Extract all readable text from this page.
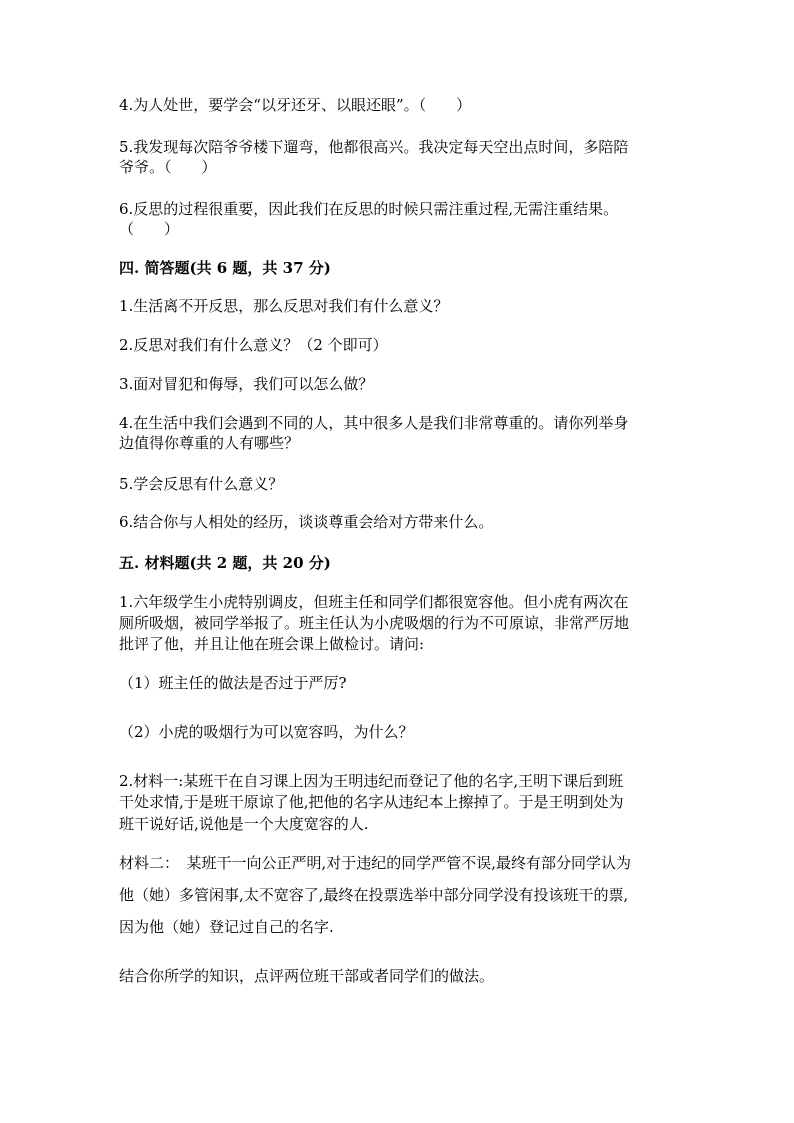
4.为人处世，要学会“以牙还牙、以眼还眼”。（　　）
5.我发现每次陪爷爷楼下遛弯，他都很高兴。我决定每天空出点时间，多陪陪
爷爷。（　　）
6.反思的过程很重要，因此我们在反思的时候只需注重过程,无需注重结果。
（　　）
四. 简答题(共 6 题，共 37 分)
1.生活离不开反思，那么反思对我们有什么意义？
2.反思对我们有什么意义？（2 个即可）
3.面对冒犯和侮辱，我们可以怎么做？
4.在生活中我们会遇到不同的人，其中很多人是我们非常尊重的。请你列举身
边值得你尊重的人有哪些？
5.学会反思有什么意义？
6.结合你与人相处的经历，谈谈尊重会给对方带来什么。
五. 材料题(共 2 题，共 20 分)
1.六年级学生小虎特别调皮，但班主任和同学们都很宽容他。但小虎有两次在
厕所吸烟，被同学举报了。班主任认为小虎吸烟的行为不可原谅，非常严厉地
批评了他，并且让他在班会课上做检讨。请问:
（1）班主任的做法是否过于严厉?
（2）小虎的吸烟行为可以宽容吗，为什么？
2.材料一:某班干在自习课上因为王明违纪而登记了他的名字,王明下课后到班
干处求情,于是班干原谅了他,把他的名字从违纪本上擦掉了。于是王明到处为
班干说好话,说他是一个大度宽容的人.
材料二：　某班干一向公正严明,对于违纪的同学严管不误,最终有部分同学认为
他（她）多管闲事,太不宽容了,最终在投票选举中部分同学没有投该班干的票,
因为他（她）登记过自己的名字.
结合你所学的知识，点评两位班干部或者同学们的做法。
